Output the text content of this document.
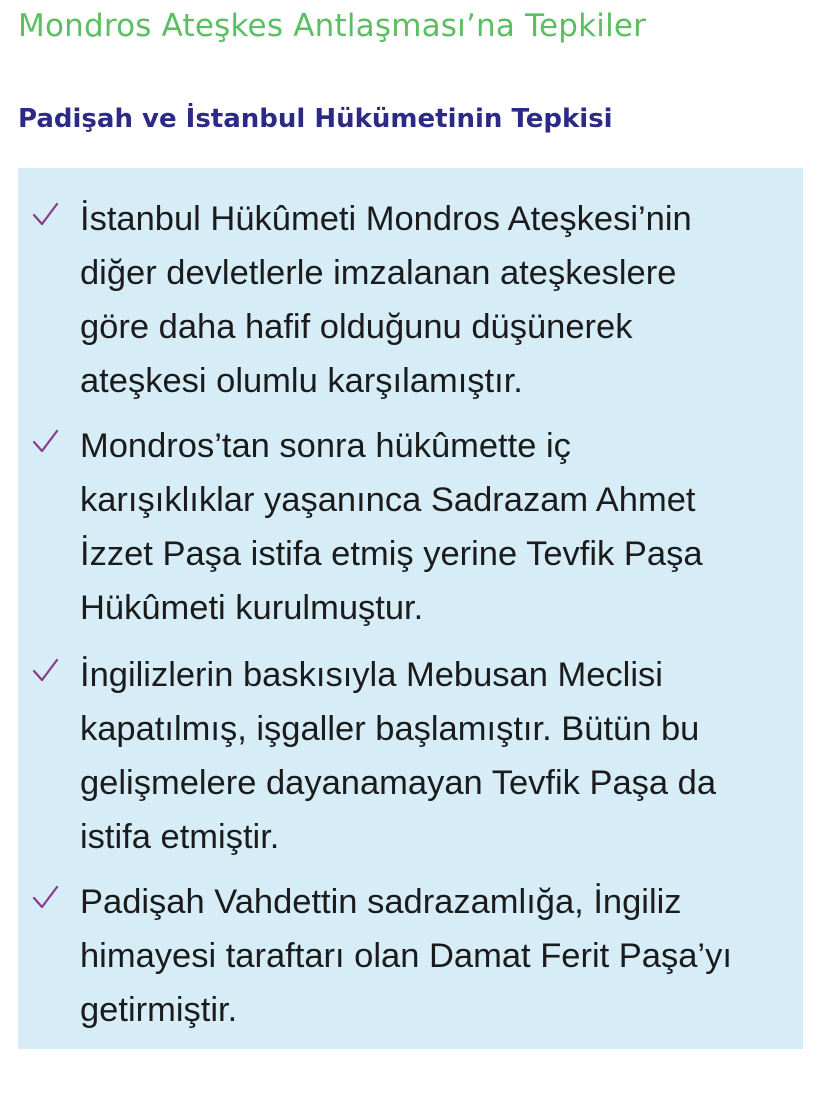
Mondros Ateşkes Antlaşması’na Tepkiler
Padişah ve İstanbul Hükümetinin Tepkisi

İstanbul Hükûmeti Mondros Ateşkesi’nin
diğer devletlerle imzalanan ateşkeslere
göre daha hafif olduğunu düşünerek
ateşkesi olumlu karşılamıştır.

Mondros’tan sonra hükûmette iç
karışıklıklar yaşanınca Sadrazam Ahmet
İzzet Paşa istifa etmiş yerine Tevfik Paşa
Hükûmeti kurulmuştur.

İngilizlerin baskısıyla Mebusan Meclisi
kapatılmış, işgaller başlamıştır. Bütün bu
gelişmelere dayanamayan Tevfik Paşa da
istifa etmiştir.

Padişah Vahdettin sadrazamlığa, İngiliz
himayesi taraftarı olan Damat Ferit Paşa’yı
getirmiştir.
